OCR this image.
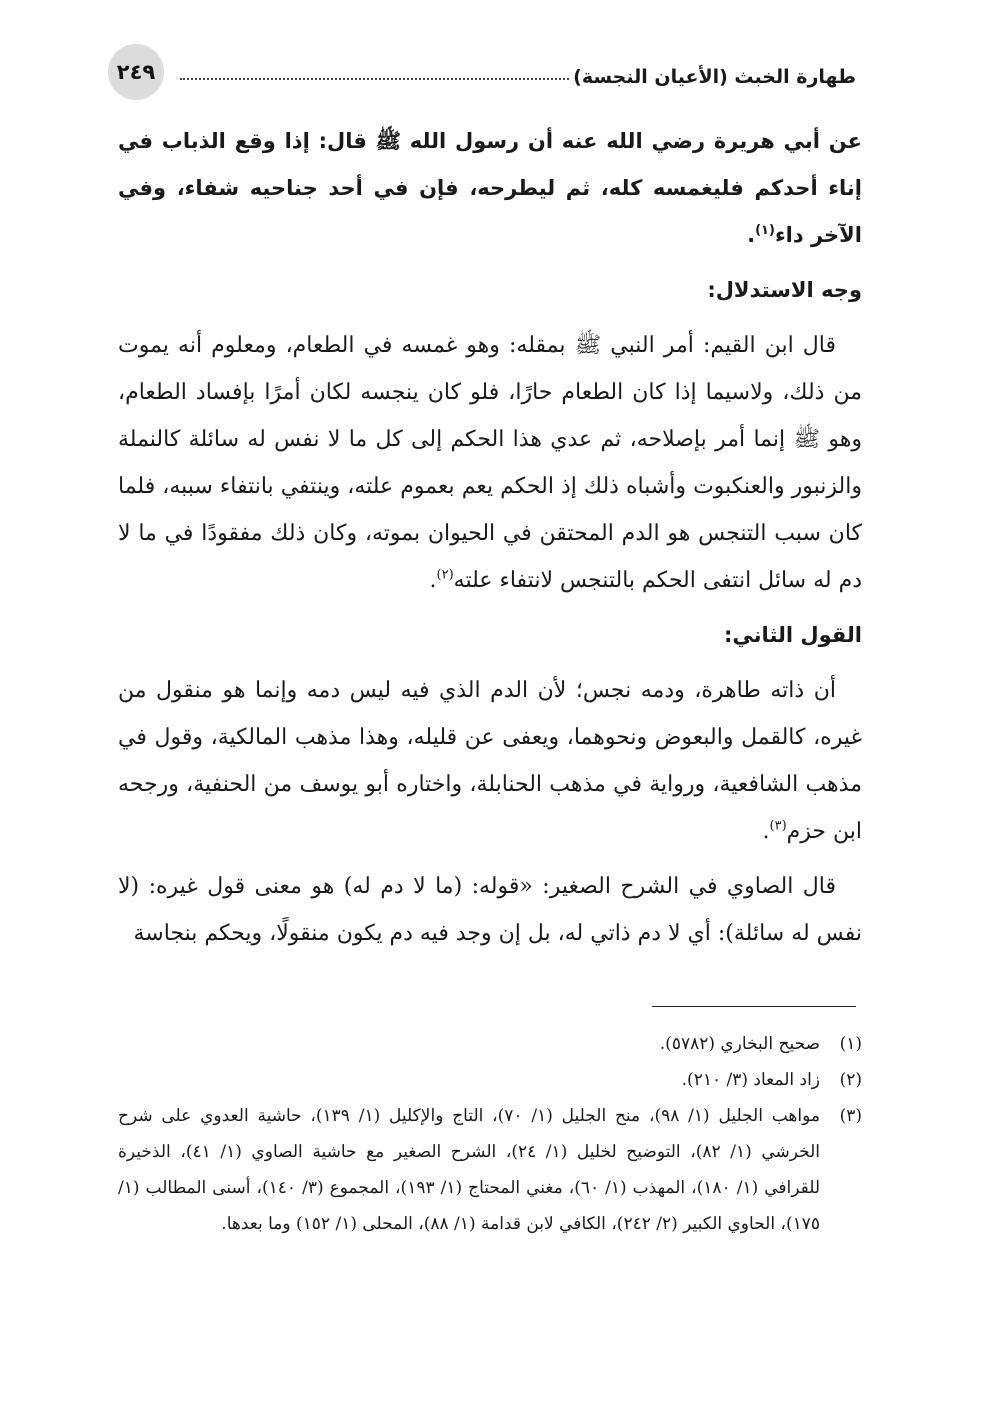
٢٤٩	طهارة الخبث (الأعيان النجسة)

عن أبي هريرة رضي الله عنه أن رسول الله ﷺ قال: إذا وقع الذباب في إناء أحدكم فليغمسه كله، ثم ليطرحه، فإن في أحد جناحيه شفاء، وفي الآخر داء$^{(١)}$.

وجه الاستدلال:

قال ابن القيم: أمر النبي ﷺ بمقله: وهو غمسه في الطعام، ومعلوم أنه يموت من ذلك، ولاسيما إذا كان الطعام حارًا، فلو كان ينجسه لكان أمرًا بإفساد الطعام، وهو ﷺ إنما أمر بإصلاحه، ثم عدي هذا الحكم إلى كل ما لا نفس له سائلة كالنملة والزنبور والعنكبوت وأشباه ذلك إذ الحكم يعم بعموم علته، وينتفي بانتفاء سببه، فلما كان سبب التنجس هو الدم المحتقن في الحيوان بموته، وكان ذلك مفقودًا في ما لا دم له سائل انتفى الحكم بالتنجس لانتفاء علته$^{(٢)}$.

القول الثاني:

أن ذاته طاهرة، ودمه نجس؛ لأن الدم الذي فيه ليس دمه وإنما هو منقول من غيره، كالقمل والبعوض ونحوهما، ويعفى عن قليله، وهذا مذهب المالكية، وقول في مذهب الشافعية، ورواية في مذهب الحنابلة، واختاره أبو يوسف من الحنفية، ورجحه ابن حزم$^{(٣)}$.

قال الصاوي في الشرح الصغير: «قوله: (ما لا دم له) هو معنى قول غيره: (لا نفس له سائلة): أي لا دم ذاتي له، بل إن وجد فيه دم يكون منقولًا، ويحكم بنجاسة

(١)
صحيح البخاري (٥٧٨٢).
(٢)
زاد المعاد (٣/ ٢١٠).
(٣)
مواهب الجليل (١/ ٩٨)، منح الجليل (١/ ٧٠)، التاج والإكليل (١/ ١٣٩)، حاشية العدوي على شرح الخرشي (١/ ٨٢)، التوضيح لخليل (١/ ٢٤)، الشرح الصغير مع حاشية الصاوي (١/ ٤١)، الذخيرة للقرافي (١/ ١٨٠)، المهذب (١/ ٦٠)، مغني المحتاج (١/ ١٩٣)، المجموع (٣/ ١٤٠)، أسنى المطالب (١/ ١٧٥)، الحاوي الكبير (٢/ ٢٤٢)، الكافي لابن قدامة (١/ ٨٨)، المحلى (١/ ١٥٢) وما بعدها.
